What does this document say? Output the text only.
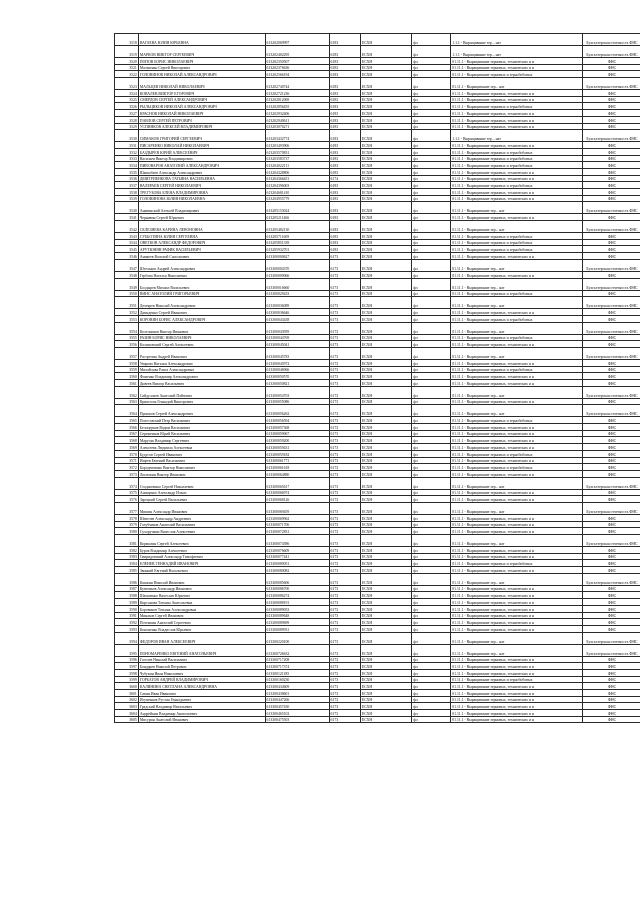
3518	ВАГАЕВА ЮЛИЯ ЮРЬЕВНА	613202069997	6183	ЕСХН	фл	1.1.1 - Выращивание зер... нат	Бухгалтерская отчетность ФНС
3519	МАРКОВ ВИКТОР СЕРГЕЕВИЧ	613202402295	6183	ЕСХН	фл	1.1.1 - Выращивание зер... нат	Бухгалтерская отчетность ФНС
3520	ПОПОВ БОРИС НИКОЛАЕВИЧ	613202350507	6183	ЕСХН	фл	01.11.1 - Выращивание зерновых, технических и н	ФНС
3521	Мальченко Сергей Викторович	613202376636	6183	ЕСХН	фл	01.11.1 - Выращивание зерновых, технических и н	ФНС
3522	ГОЛОВИНОВ НИКОЛАЙ АЛЕКСАНДРОВИЧ	613202566194	6183	ЕСХН	фл	01.11.1 - Выращивание зерновых и зернобобовых	ФНС
3523	МАЛЬЦЕВ НИКОЛАЙ НИКОЛАЕВИЧ	613202740744	6183	ЕСХН	фл	01.11.1 - Выращивание зер... нат	Бухгалтерская отчетность ФНС
3524	КОВАЛЕВ ВИКТОР ЕГОРОВИЧ	613202721236	6183	ЕСХН	фл	01.11.1 - Выращивание зерновых, технических и н	ФНС
3525	СМЕРДОВ СЕРГЕЙ АЛЕКСАНДРОВИЧ	613202812069	6183	ЕСХН	фл	01.11.1 - Выращивание зерновых, технических и н	ФНС
3526	РЫЛЬЦИКОВ НИКОЛАЙ АЛЕКСАНДРОВИЧ	613202856455	6183	ЕСХН	фл	01.11.1 - Выращивание зерновых и зернобобовых	ФНС
3527	КРАСНОВ НИКОЛАЙ НИКОЛАЕВИЧ	613202932406	6183	ЕСХН	фл	01.11.1 - Выращивание зерновых, технических и н	ФНС
3528	ПАВЛОВ СЕРГЕЙ ПЕТРОВИЧ	613202940611	6183	ЕСХН	фл	01.11.1 - Выращивание зерновых, технических и н	ФНС
3529	УСПИНКОВ АЛЕКСЕЙ ВЛАДИМИРОВИЧ	613203076271	6183	ЕСХН	фл	01.11.1 - Выращивание зерновых, технических и н	ФНС
3530	СИМАКОВ ГРИГОРИЙ СЕРГЕЕВИЧ	613203432774	6183	ЕСХН	фл	1.1.1 - Выращивание зер... нат	Бухгалтерская отчетность ФНС
3531	ПИСАРЕНКО НИКОЛАЙ НИКОЛАЕВИЧ	613203493906	6183	ЕСХН	фл	01.11.1 - Выращивание зерновых, технических и н	ФНС
3532	БАЗДЫРЕВ ЮРИЙ АЛЕКСЕЕВИЧ	613203570831	6183	ЕСХН	фл	01.11.1 - Выращивание зерновых и зернобобовых	ФНС
3533	Васильев Виктор Владимирович	613203583737	6183	ЕСХН	фл	01.11.1 - Выращивание зерновых и зернобобовых	ФНС
3534	ПИВОВАРОВ АНАТОЛИЙ АЛЕКСАНДРОВИЧ	613204022111	6183	ЕСХН	фл	01.11.1 - Выращивание зерновых и зернобобовых	ФНС
3535	Шапкобаев Александр Александрович	613204328806	6183	ЕСХН	фл	01.11.1 - Выращивание зерновых, технических и н	ФНС
3536	ДМИТРИЕНКОВА ТАТЬЯНА ВАСИЛЬЕВНА	613204366451	6174	ЕСХН	фл	01.11.1 - Выращивание зерновых, технических и н	ФНС
3537	ВАЛЕРАЕВ СЕРГЕЙ НИКОЛАЕВИЧ	613204396003	6183	ЕСХН	фл	01.11.1 - Выращивание зерновых и зернобобовых	ФНС
3538	ТРЕГУБОВА ЕЛЕНА ВЛАДИМИРОВНА	613204681410	6183	ЕСХН	фл	01.11.1 - Выращивание зерновых, технических и н	ФНС
3539	ГОЛОВИНОВА ЮЛИЯ НИКОЛАЕВНА	613204955779	6183	ЕСХН	фл	01.11.1 - Выращивание зерновых, технических и н	ФНС
3540	Анавинский Алексей Владимирович	613205153024	6183	ЕСХН	фл	01.11.1 - Выращивание зер... нат	Бухгалтерская отчетность ФНС
3541	Чернявин Сергей Юрьевич	613205211466	6183	ЕСХН	фл	01.11.1 - Выращивание зерновых, технических и н	ФНС
3542	СЕЛЕЗНЕВА КАРИНА ЛЕВОНОВНА	613205482130	6183	ЕСХН	фл	01.11.1 - Выращивание зер... нат	Бухгалтерская отчетность ФНС
3543	СУББОТИНА ЮЛИЯ СЕРГЕЕВНА	613205711609	6183	ЕСХН	фл	01.11.1 - Выращивание зерновых и зернобобовых	ФНС
3544	ОВЕТКОВ АЛЕКСАНДР ФЕДОРОВИЧ	613205851339	6183	ЕСХН	фл	01.11.1 - Выращивание зерновых и зернобобовых	ФНС
3545	АРУТЮНЯН РАФИК ВАСИЛЬЕВИЧ	613205932701	6183	ЕСХН	фл	01.11.1 - Выращивание зерновых и зернобобовых	ФНС
3546	Аникеев Василий Самсонович	613300000627	6173	ЕСХН	фл	01.11.1 - Выращивание зерновых, технических и н	ФНС
3547	Штельков Андрей Александрович	613300004370	6173	ЕСХН	фл	01.11.1 - Выращивание зер... нат	Бухгалтерская отчетность ФНС
3548	Гербова Наталья Николаевна	613300009066	6173	ЕСХН	фл	01.11.1 - Выращивание зерновых, технических и н	ФНС
3549	Болдырев Михаил Васильевич	613300016660	6173	ЕСХН	фл	01.11.1 - Выращивание зер... нат	Бухгалтерская отчетность ФНС
3550	ВИНС АНАТОЛИЙ ГРИГОРЬЕВИЧ	613300029433	6173	ЕСХН	фл	01.11.1 - Выращивание зерновых и зернобобовых	ФНС
3551	Дехтярев Николай Александрович	613300036089	6173	ЕСХН	фл	01.11.1 - Выращивание зер... нат	Бухгалтерская отчетность ФНС
3552	Давыденко Сергей Иванович	613300036646	6173	ЕСХН	фл	01.11.1 - Выращивание зерновых, технических и н	ФНС
3553	КОРОВИН БОРИС АЛЕКСАНДРОВИЧ	613300043438	6173	ЕСХН	фл	01.11.1 - Выращивание зерновых и зернобобовых	ФНС
3554	Колесников Виктор Иванович	613300043959	6173	ЕСХН	фл	01.11.1 - Выращивание зер... нат	Бухгалтерская отчетность ФНС
3555	РАЗИН БОРИС НИКОЛАЕВИЧ	613300044769	6173	ЕСХН	фл	01.11.1 - Выращивание зерновых и зернобобовых	ФНС
3556	Калиновский Сергей Алексеевич	613300045041	6173	ЕСХН	фл	01.11.1 - Выращивание зерновых, технических и н	ФНС
3557	Растрепин Андрей Иванович	613300045783	6173	ЕСХН	фл	01.11.1 - Выращивание зер... нат	Бухгалтерская отчетность ФНС
3558	Уварова Наталья Александровна	613300045972	6173	ЕСХН	фл	01.11.1 - Выращивание зерновых, технических и н	ФНС
3559	Михайлова Раиса Александровна	613300046966	6173	ЕСХН	фл	01.11.1 - Выращивание зерновых и зернобобовых	ФНС
3560	Фоменко Владимир Александрович	613300050570	6173	ЕСХН	фл	01.11.1 - Выращивание зерновых, технических и н	ФНС
3561	Дивеев Виктор Васильевич	613300050821	6173	ЕСХН	фл	01.11.1 - Выращивание зерновых, технических и н	ФНС
3562	Сайдуллаев Анатолий Пайзович	613300054703	6173	ЕСХН	фл	01.11.1 - Выращивание зер... нат	Бухгалтерская отчетность ФНС
3563	Криштопа Геннадий Викторович	613300055086	6173	ЕСХН	фл	01.11.1 - Выращивание зерновых, технических и н	ФНС
3564	Прошков Сергей Александрович	613300056262	6173	ЕСХН	фл	01.11.1 - Выращивание зер... нат	Бухгалтерская отчетность ФНС
3565	Полесовский Петр Васильевич	613300056594	6173	ЕСХН	фл	01.11.1 - Выращивание зерновых и зернобобовых	ФНС
3566	Белоцерков Вадим Васильевич	613300057368	6173	ЕСХН	фл	01.11.1 - Выращивание зерновых, технических и н	ФНС
3567	Сереженков Юрий Васильевич	613300059067	6173	ЕСХН	фл	01.11.1 - Выращивание зерновых, технических и н	ФНС
3568	Марусяк Владимир Сергеевич	613300059200	6173	ЕСХН	фл	01.11.1 - Выращивание зерновых, технических и н	ФНС
3569	Алексеева Людмила Алексеевна	613300059431	6173	ЕСХН	фл	01.11.1 - Выращивание зерновых, технических и н	ФНС
3570	Будусов Сергей Иванович	613300059182	6173	ЕСХН	фл	01.11.1 - Выращивание зерновых и зернобобовых	ФНС
3571	Ищеев Евгений Васильевич	613300061771	6173	ЕСХН	фл	01.11.1 - Выращивание зерновых, технических и н	ФНС
3572	Бородевченко Виктор Николаевич	613300061618	6173	ЕСХН	фл	01.11.1 - Выращивание зерновых и зернобобовых	ФНС
3573	Лисичкин Виктор Иванович	613300064880	6173	ЕСХН	фл	01.11.1 - Выращивание зерновых, технических и н	ФНС
3574	Стадниченко Сергей Николаевич	613300065617	6173	ЕСХН	фл	01.11.1 - Выращивание зер... нат	Бухгалтерская отчетность ФНС
3575	Анищенко Александр Ильич	613300066974	6173	ЕСХН	фл	01.11.1 - Выращивание зерновых, технических и н	ФНС
3576	Зарецкий Сергей Васильевич	613300068126	6173	ЕСХН	фл	01.11.1 - Выращивание зерновых, технических и н	ФНС
3577	Мишин Александр Иванович	613300069459	6173	ЕСХН	фл	01.11.1 - Выращивание зер... нат	Бухгалтерская отчетность ФНС
3578	Шевелев Александр Андреевич	613300069962	6173	ЕСХН	фл	01.11.1 - Выращивание зерновых, технических и н	ФНС
3579	Голубчиков Анатолий Васильевич	613300071706	6173	ЕСХН	фл	01.11.1 - Выращивание зерновых, технических и н	ФНС
3580	Сухоручкин Вячеслав Алексеевич	613300072851	6173	ЕСХН	фл	01.11.1 - Выращивание зерновых, технических и н	ФНС
3581	Кормилин Сергей Алексеевич	613300074586	6173	ЕСХН	фл	01.11.1 - Выращивание зер... нат	Бухгалтерская отчетность ФНС
3582	Буров Владимир Алексеевич	613300076609	6173	ЕСХН	фл	01.11.1 - Выращивание зерновых, технических и н	ФНС
3583	Свиридовский Александр Тимофеевич	613300077441	6173	ЕСХН	фл	01.11.1 - Выращивание зерновых, технических и н	ФНС
3584	ЕЛЕНЕВ ГЕННАДИЙ ИВАНОВИЧ	613300080051	6173	ЕСХН	фл	01.11.1 - Выращивание зерновых и зернобобовых	ФНС
3585	Звонкий Евгений Васильевич	613300080082	6173	ЕСХН	фл	01.11.1 - Выращивание зерновых, технических и н	ФНС
3586	Кашкин Николай Иванович	613300085606	6173	ЕСХН	фл	01.11.1 - Выращивание зер... нат	Бухгалтерская отчетность ФНС
3587	Кувтенков Александр Иванович	613300086700	6173	ЕСХН	фл	01.11.1 - Выращивание зерновых, технических и н	ФНС
3588	Шамшенко Вячеслав Юрьевич	613300086274	6173	ЕСХН	фл	01.11.1 - Выращивание зерновых, технических и н	ФНС
3589	Кирсанова Татьяна Анатольевна	613300088191	6173	ЕСХН	фл	01.11.1 - Выращивание зерновых, технических и н	ФНС
3590	Боровиков Татьяна Александровна	613300089053	6173	ЕСХН	фл	01.11.1 - Выращивание зерновых, технических и н	ФНС
3591	Минаков Сергей Иванович	613300089648	6173	ЕСХН	фл	01.11.1 - Выращивание зерновых, технических и н	ФНС
3592	Потемкин Анатолий Сергеевич	613300089699	6173	ЕСХН	фл	01.11.1 - Выращивание зерновых, технических и н	ФНС
3593	Кононенко Владислав Юрьевич	613300089931	6173	ЕСХН	фл	01.11.1 - Выращивание зерновых, технических и н	ФНС
3594	ФЕДОРОВ ИВАН АЛЕКСЕЕВИЧ	613300220100	6173	ЕСХН	фл	01.11.1 - Выращивание зер... нат	Бухгалтерская отчетность ФНС
3595	ПОНОМАРЕНКО ЕВГЕНИЙ АНАТОЛЬЕВИЧ	613300726632	6173	ЕСХН	фл	01.11.1 - Выращивание зер... нат	Бухгалтерская отчетность ФНС
3596	Гоголев Николай Васильевич	613300717208	6173	ЕСХН	фл	01.11.1 - Выращивание зерновых, технических и н	ФНС
3597	Бондарев Николай Петрович	613300717374	6173	ЕСХН	фл	01.11.1 - Выращивание зерновых, технических и н	ФНС
3598	Чубукин Иван Николаевич	613300121185	6173	ЕСХН	фл	01.11.1 - Выращивание зерновых, технических и н	ФНС
3599	ГОРБАТОВ АНДРЕЙ ВЛАДИМИРОВИЧ	613300160230	6173	ЕСХН	фл	01.11.1 - Выращивание зерновых и зернобобовых	ФНС
3600	КАЛИНИНА СВЕТЛАНА АЛЕКСАНДРОВНА	613300434609	6173	ЕСХН	фл	01.11.1 - Выращивание зерновых, технических и н	ФНС
3601	Савин Иван Иванович	613300438601	6173	ЕСХН	фл	01.11.1 - Выращивание зерновых, технических и н	ФНС
3602	Игуменков Руслан Геннадьевич	613300447266	6173	ЕСХН	фл	01.11.1 - Выращивание зерновых, технических и н	ФНС
3603	Градский Владимир Витальевич	613300457430	6173	ЕСХН	фл	01.11.1 - Выращивание зерновых, технических и н	ФНС
3604	Андрейкин Владимир Анатольевич	613300465102	6173	ЕСХН	фл	01.11.1 - Выращивание зерновых, технических и н	ФНС
3605	Мисурин Анатолий Иванович	613300475503	6173	ЕСХН	фл	01.11.1 - Выращивание зерновых, технических и н	ФНС
